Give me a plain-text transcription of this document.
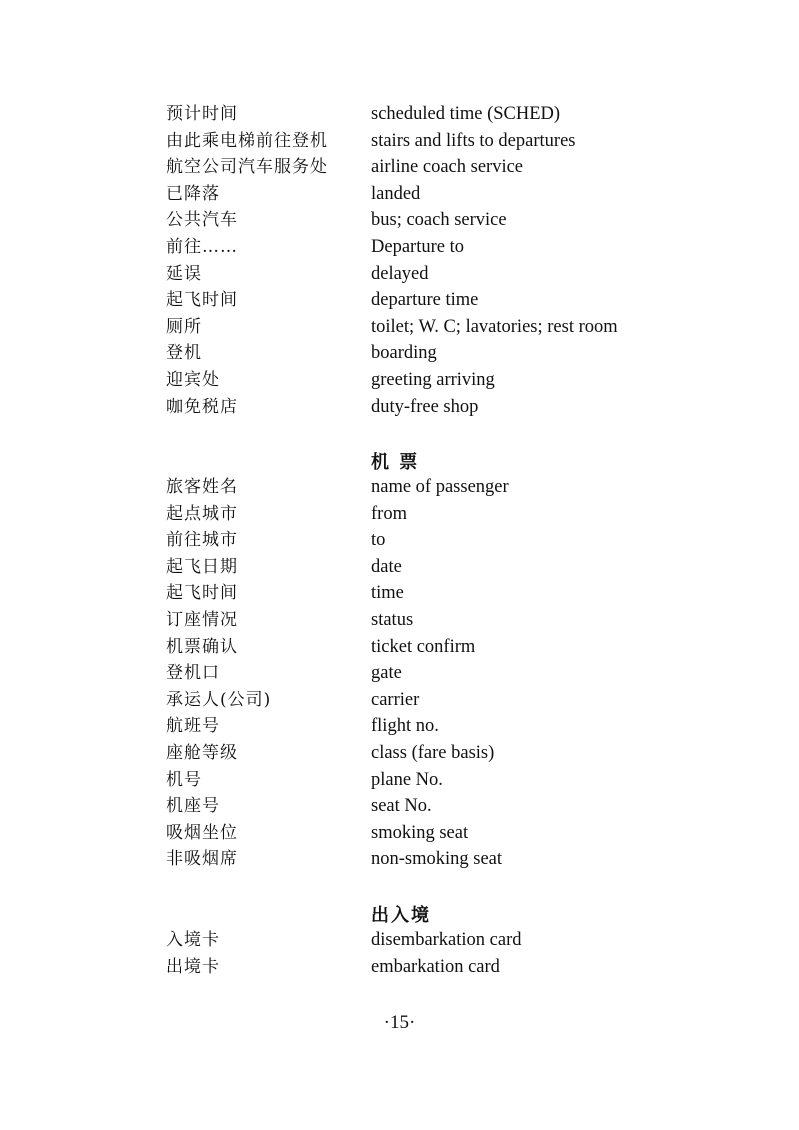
预计时间	scheduled time (SCHED)
由此乘电梯前往登机 stairs and lifts to departures
航空公司汽车服务处 airline coach service
已降落	landed
公共汽车	bus; coach service
前往……	Departure to
延误	delayed
起飞时间	departure time
厕所	toilet; W. C; lavatories; rest room
登机	boarding
迎宾处	greeting arriving
咖免税店	duty-free shop
机 票
旅客姓名	name of passenger
起点城市	from
前往城市	to
起飞日期	date
起飞时间	time
订座情况	status
机票确认	ticket confirm
登机口	gate
承运人(公司)	carrier
航班号	flight no.
座舱等级	class (fare basis)
机号	plane No.
机座号	seat No.
吸烟坐位	smoking seat
非吸烟席	non-smoking seat
出入境
入境卡	disembarkation card
出境卡	embarkation card
·15·
